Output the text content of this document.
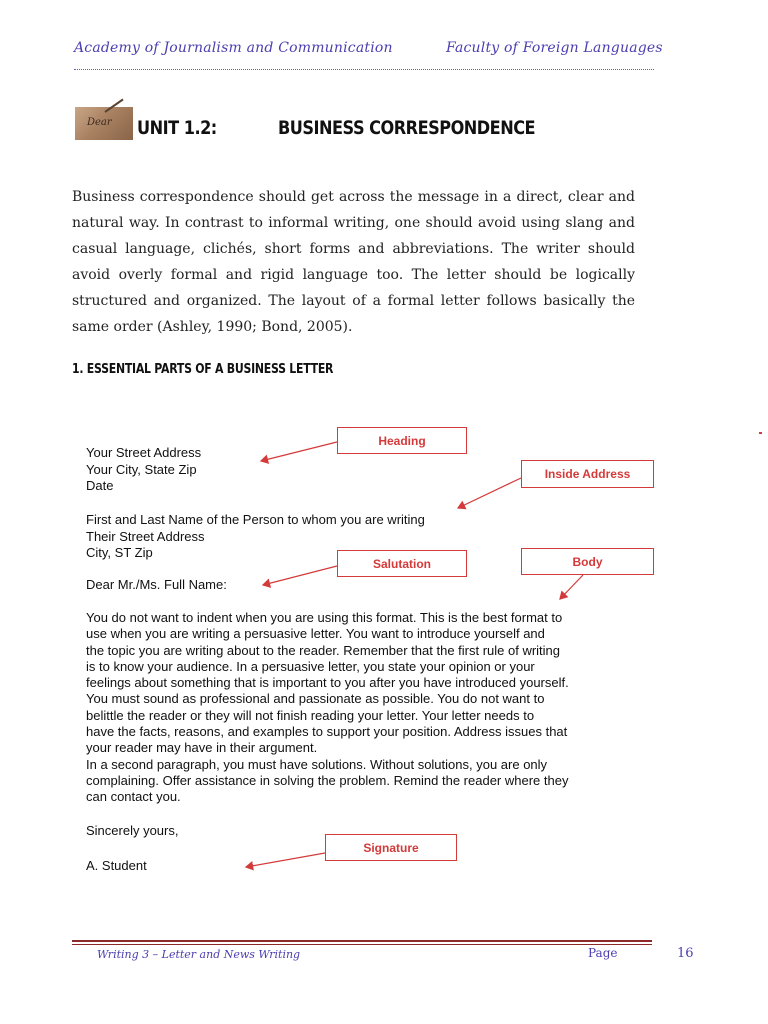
Academy of Journalism and Communication	Faculty of Foreign Languages
Dear UNIT 1.2:	BUSINESS CORRESPONDENCE
Business correspondence should get across the message in a direct, clear and natural way. In contrast to informal writing, one should avoid using slang and casual language, clichés, short forms and abbreviations. The writer should avoid overly formal and rigid language too. The letter should be logically structured and organized. The layout of a formal letter follows basically the same order (Ashley, 1990; Bond, 2005).
1. ESSENTIAL PARTS OF A BUSINESS LETTER
Your Street Address
Your City, State Zip
Date
First and Last Name of the Person to whom you are writing
Their Street Address
City, ST Zip
Dear Mr./Ms. Full Name:
You do not want to indent when you are using this format. This is the best format to
use when you are writing a persuasive letter. You want to introduce yourself and
the topic you are writing about to the reader. Remember that the first rule of writing
is to know your audience. In a persuasive letter, you state your opinion or your
feelings about something that is important to you after you have introduced yourself.
You must sound as professional and passionate as possible. You do not want to
belittle the reader or they will not finish reading your letter. Your letter needs to
have the facts, reasons, and examples to support your position. Address issues that
your reader may have in their argument.
In a second paragraph, you must have solutions. Without solutions, you are only
complaining. Offer assistance in solving the problem. Remind the reader where they
can contact you.
Sincerely yours,
A. Student
Heading
Inside Address
Salutation	Body
Signature
Writing 3 – Letter and News Writing	Page	16
